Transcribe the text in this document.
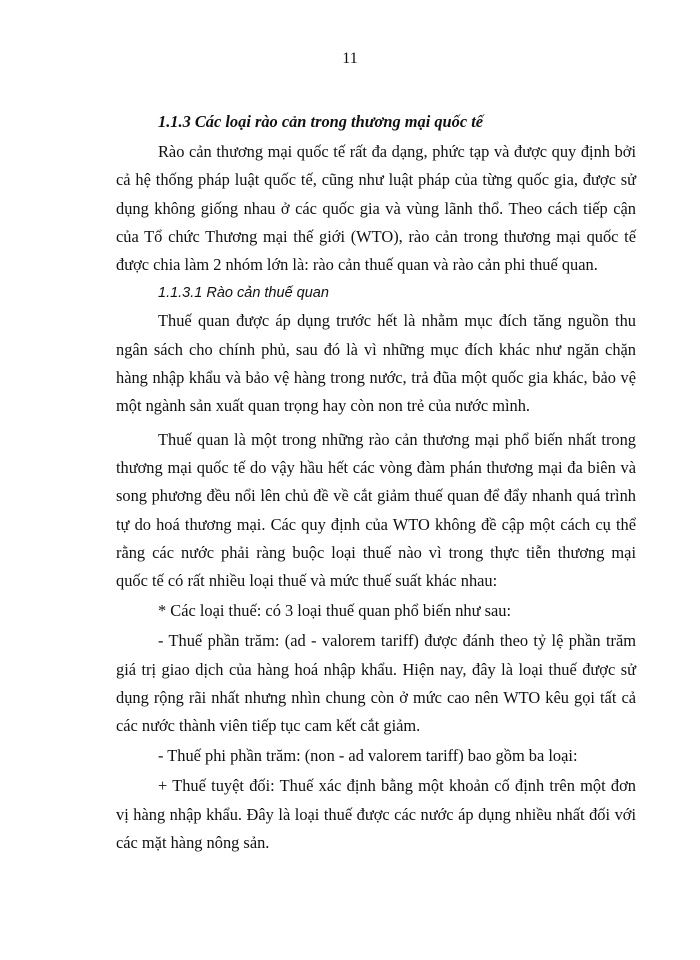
11
1.1.3 Các loại rào cản trong thương mại quốc tế
Rào cản thương mại quốc tế rất đa dạng, phức tạp và được quy định bởi
cả hệ thống pháp luật quốc tế, cũng như luật pháp của từng quốc gia, được sử
dụng không giống nhau ở các quốc gia và vùng lãnh thổ. Theo cách tiếp cận
của Tổ chức Thương mại thế giới (WTO), rào cản trong thương mại quốc tế
được chia làm 2 nhóm lớn là: rào cản thuế quan và rào cản phi thuế quan.
1.1.3.1 Rào cản thuế quan
Thuế quan được áp dụng trước hết là nhằm mục đích tăng nguồn thu
ngân sách cho chính phủ, sau đó là vì những mục đích khác như ngăn chặn
hàng nhập khẩu và bảo vệ hàng trong nước, trả đũa một quốc gia khác, bảo vệ
một ngành sản xuất quan trọng hay còn non trẻ của nước mình.
Thuế quan là một trong những rào cản thương mại phổ biến nhất trong
thương mại quốc tế do vậy hầu hết các vòng đàm phán thương mại đa biên và
song phương đều nổi lên chủ đề về cắt giảm thuế quan để đẩy nhanh quá trình
tự do hoá thương mại. Các quy định của WTO không đề cập một cách cụ thể
rằng các nước phải ràng buộc loại thuế nào vì trong thực tiễn thương mại
quốc tế có rất nhiều loại thuế và mức thuế suất khác nhau:
* Các loại thuế: có 3 loại thuế quan phổ biến như sau:
- Thuế phần trăm: (ad - valorem tariff) được đánh theo tỷ lệ phần trăm
giá trị giao dịch của hàng hoá nhập khẩu. Hiện nay, đây là loại thuế được sử
dụng rộng rãi nhất nhưng nhìn chung còn ở mức cao nên WTO kêu gọi tất cả
các nước thành viên tiếp tục cam kết cắt giảm.
- Thuế phi phần trăm: (non - ad valorem tariff) bao gồm ba loại:
+ Thuế tuyệt đối: Thuế xác định bằng một khoản cố định trên một đơn
vị hàng nhập khẩu. Đây là loại thuế được các nước áp dụng nhiều nhất đối với
các mặt hàng nông sản.
